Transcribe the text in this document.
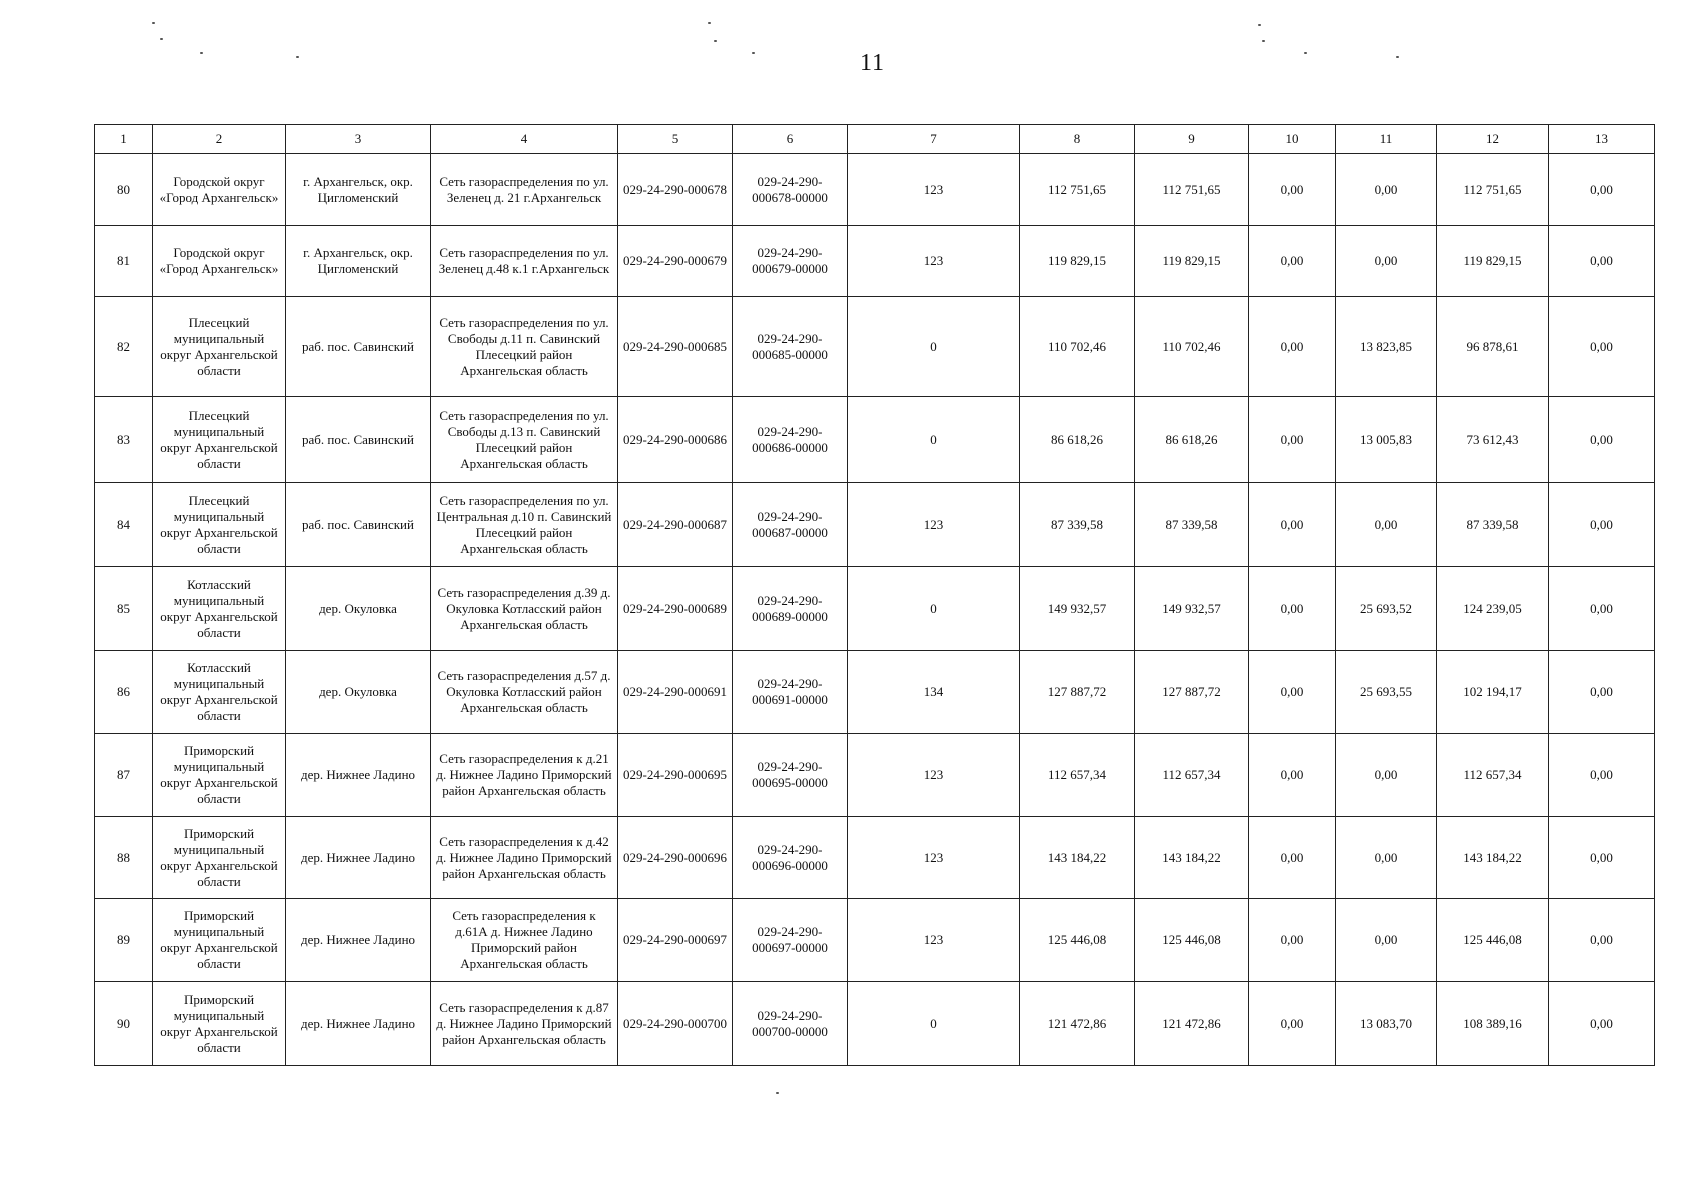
11
1	2	3	4	5	6	7	8	9	10	11	12	13
80	Городской округ «Город Архангельск»	г. Архангельск, окр. Цигломенский	Сеть газораспределения по ул. Зеленец д. 21 г.Архангельск	029-24-290-000678	029-24-290-000678-00000	123	112 751,65	112 751,65	0,00	0,00	112 751,65	0,00
81	Городской округ «Город Архангельск»	г. Архангельск, окр. Цигломенский	Сеть газораспределения по ул. Зеленец д.48 к.1 г.Архангельск	029-24-290-000679	029-24-290-000679-00000	123	119 829,15	119 829,15	0,00	0,00	119 829,15	0,00
82	Плесецкий муниципальный округ Архангельской области	раб. пос. Савинский	Сеть газораспределения по ул. Свободы д.11 п. Савинский Плесецкий район Архангельская область	029-24-290-000685	029-24-290-000685-00000	0	110 702,46	110 702,46	0,00	13 823,85	96 878,61	0,00
83	Плесецкий муниципальный округ Архангельской области	раб. пос. Савинский	Сеть газораспределения по ул. Свободы д.13 п. Савинский Плесецкий район Архангельская область	029-24-290-000686	029-24-290-000686-00000	0	86 618,26	86 618,26	0,00	13 005,83	73 612,43	0,00
84	Плесецкий муниципальный округ Архангельской области	раб. пос. Савинский	Сеть газораспределения по ул. Центральная д.10 п. Савинский Плесецкий район Архангельская область	029-24-290-000687	029-24-290-000687-00000	123	87 339,58	87 339,58	0,00	0,00	87 339,58	0,00
85	Котласский муниципальный округ Архангельской области	дер. Окуловка	Сеть газораспределения д.39 д. Окуловка Котласский район Архангельская область	029-24-290-000689	029-24-290-000689-00000	0	149 932,57	149 932,57	0,00	25 693,52	124 239,05	0,00
86	Котласский муниципальный округ Архангельской области	дер. Окуловка	Сеть газораспределения д.57 д. Окуловка Котласский район Архангельская область	029-24-290-000691	029-24-290-000691-00000	134	127 887,72	127 887,72	0,00	25 693,55	102 194,17	0,00
87	Приморский муниципальный округ Архангельской области	дер. Нижнее Ладино	Сеть газораспределения к д.21 д. Нижнее Ладино Приморский район Архангельская область	029-24-290-000695	029-24-290-000695-00000	123	112 657,34	112 657,34	0,00	0,00	112 657,34	0,00
88	Приморский муниципальный округ Архангельской области	дер. Нижнее Ладино	Сеть газораспределения к д.42 д. Нижнее Ладино Приморский район Архангельская область	029-24-290-000696	029-24-290-000696-00000	123	143 184,22	143 184,22	0,00	0,00	143 184,22	0,00
89	Приморский муниципальный округ Архангельской области	дер. Нижнее Ладино	Сеть газораспределения к д.61А д. Нижнее Ладино Приморский район Архангельская область	029-24-290-000697	029-24-290-000697-00000	123	125 446,08	125 446,08	0,00	0,00	125 446,08	0,00
90	Приморский муниципальный округ Архангельской области	дер. Нижнее Ладино	Сеть газораспределения к д.87 д. Нижнее Ладино Приморский район Архангельская область	029-24-290-000700	029-24-290-000700-00000	0	121 472,86	121 472,86	0,00	13 083,70	108 389,16	0,00
